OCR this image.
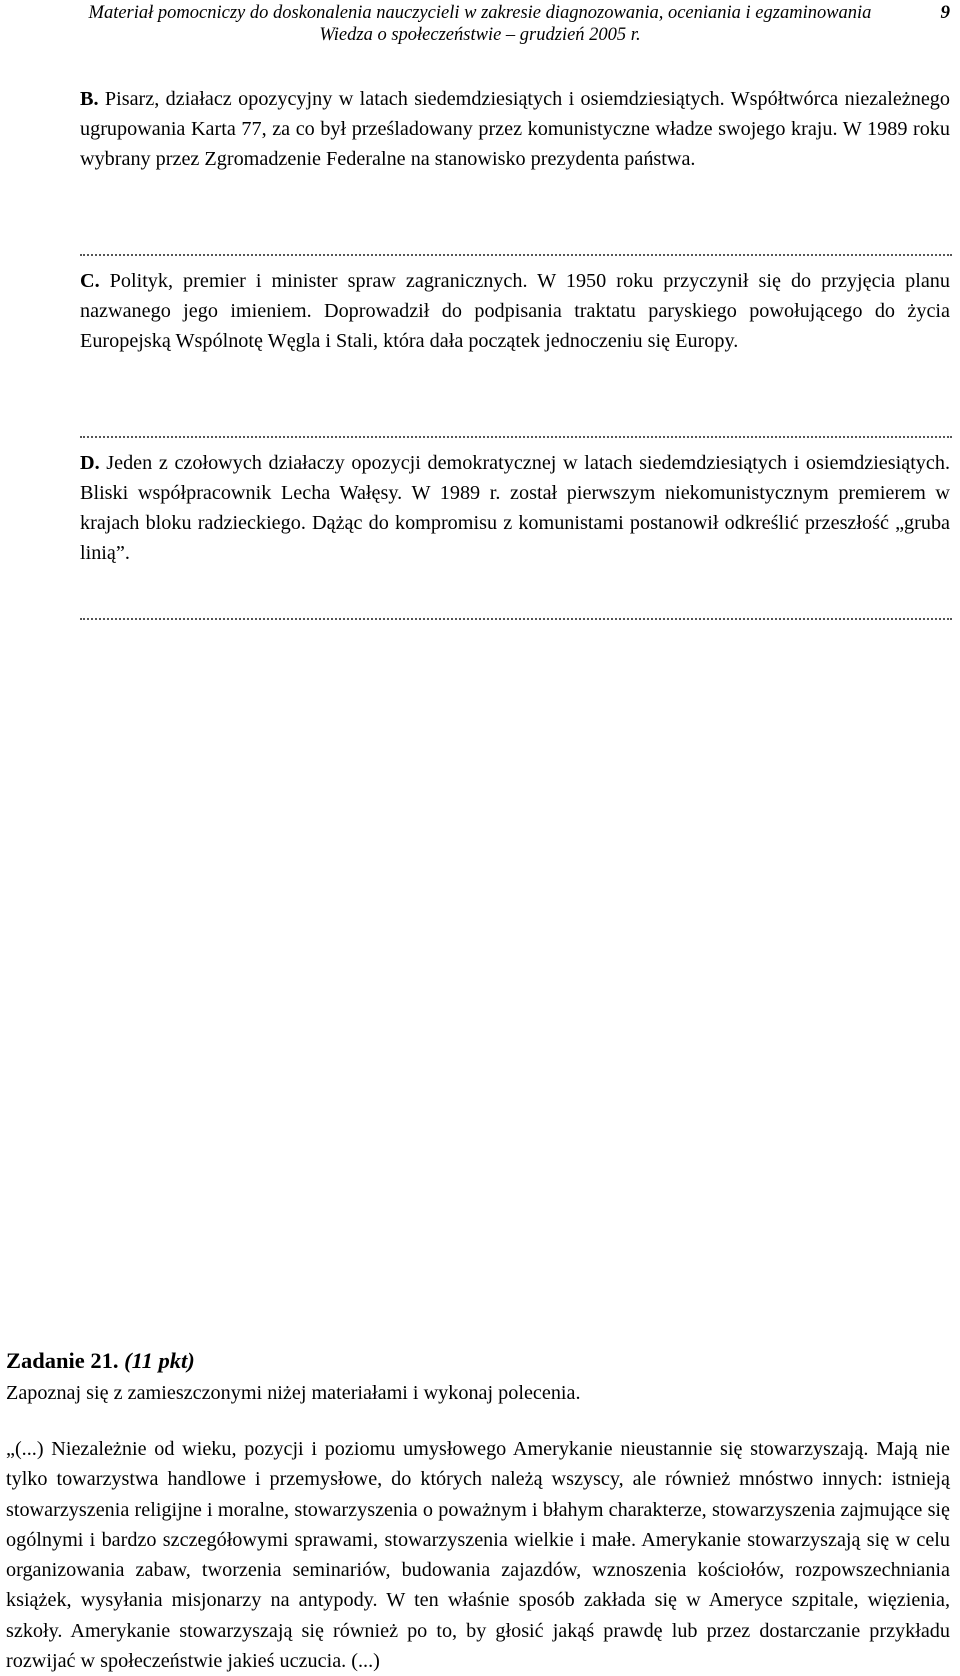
Materiał pomocniczy do doskonalenia nauczycieli w zakresie diagnozowania, oceniania i egzaminowania
Wiedza o społeczeństwie – grudzień 2005 r.
9
B. Pisarz, działacz opozycyjny w latach siedemdziesiątych i osiemdziesiątych. Współtwórca niezależnego ugrupowania Karta 77, za co był prześladowany przez komunistyczne władze swojego kraju. W 1989 roku wybrany przez Zgromadzenie Federalne na stanowisko prezydenta państwa.
C. Polityk, premier i minister spraw zagranicznych. W 1950 roku przyczynił się do przyjęcia planu nazwanego jego imieniem. Doprowadził do podpisania traktatu paryskiego powołującego do życia Europejską Wspólnotę Węgla i Stali, która dała początek jednoczeniu się Europy.
D. Jeden z czołowych działaczy opozycji demokratycznej w latach siedemdziesiątych i osiemdziesiątych. Bliski współpracownik Lecha Wałęsy. W 1989 r. został pierwszym niekomunistycznym premierem w krajach bloku radzieckiego. Dążąc do kompromisu z komunistami postanowił odkreślić przeszłość „gruba linią”.
Zadanie 21. (11 pkt)
Zapoznaj się z zamieszczonymi niżej materiałami i wykonaj polecenia.
„(...) Niezależnie od wieku, pozycji i poziomu umysłowego Amerykanie nieustannie się stowarzyszają. Mają nie tylko towarzystwa handlowe i przemysłowe, do których należą wszyscy, ale również mnóstwo innych: istnieją stowarzyszenia religijne i moralne, stowarzyszenia o poważnym i błahym charakterze, stowarzyszenia zajmujące się ogólnymi i bardzo szczegółowymi sprawami, stowarzyszenia wielkie i małe. Amerykanie stowarzyszają się w celu organizowania zabaw, tworzenia seminariów, budowania zajazdów, wznoszenia kościołów, rozpowszechniania książek, wysyłania misjonarzy na antypody. W ten właśnie sposób zakłada się w Ameryce szpitale, więzienia, szkoły. Amerykanie stowarzyszają się również po to, by głosić jakąś prawdę lub przez dostarczanie przykładu rozwijać w społeczeństwie jakieś uczucia. (...)
